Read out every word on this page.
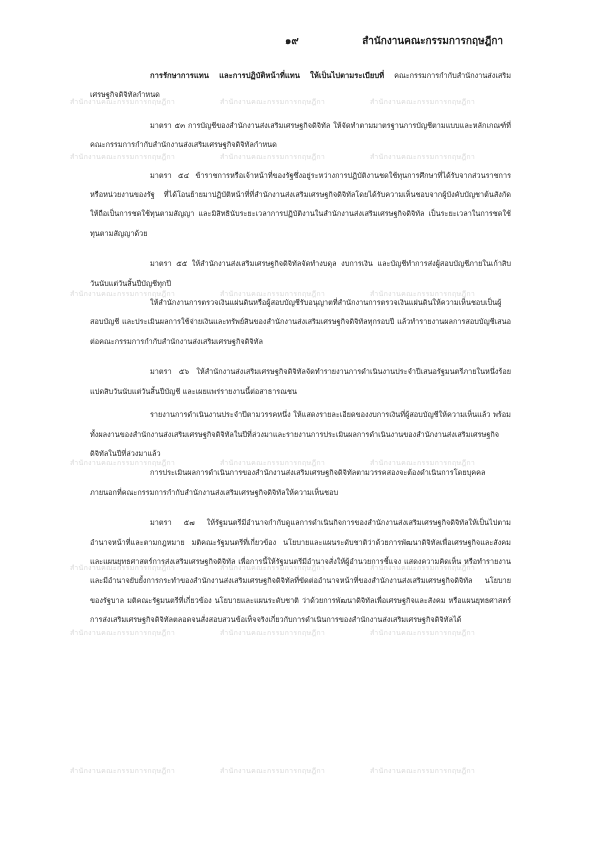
สำนักงานคณะกรรมการกฤษฎีกา	สำนักงานคณะกรรมการกฤษฎีกา	สำนักงานคณะกรรมการกฤษฎีกา
สำนักงานคณะกรรมการกฤษฎีกา	สำนักงานคณะกรรมการกฤษฎีกา	สำนักงานคณะกรรมการกฤษฎีกา
สำนักงานคณะกรรมการกฤษฎีกา	สำนักงานคณะกรรมการกฤษฎีกา	สำนักงานคณะกรรมการกฤษฎีกา
สำนักงานคณะกรรมการกฤษฎีกา	สำนักงานคณะกรรมการกฤษฎีกา	สำนักงานคณะกรรมการกฤษฎีกา
สำนักงานคณะกรรมการกฤษฎีกา	สำนักงานคณะกรรมการกฤษฎีกา	สำนักงานคณะกรรมการกฤษฎีกา
สำนักงานคณะกรรมการกฤษฎีกา	สำนักงานคณะกรรมการกฤษฎีกา	สำนักงานคณะกรรมการกฤษฎีกา
สำนักงานคณะกรรมการกฤษฎีกา	สำนักงานคณะกรรมการกฤษฎีกา	สำนักงานคณะกรรมการกฤษฎีกา
๑๙	สำนักงานคณะกรรมการกฤษฎีกา

การรักษาการแทน และการปฏิบัติหน้าที่แทน ให้เป็นไปตามระเบียบที่ คณะกรรมการกำกับสำนักงานส่งเสริมเศรษฐกิจดิจิทัลกำหนด

มาตรา ๕๓ การบัญชีของสำนักงานส่งเสริมเศรษฐกิจดิจิทัล ให้จัดทำตามมาตรฐานการบัญชีตามแบบและหลักเกณฑ์ที่คณะกรรมการกำกับสำนักงานส่งเสริมเศรษฐกิจดิจิทัลกำหนด

มาตรา ๕๔ ข้าราชการหรือเจ้าหน้าที่ของรัฐซึ่งอยู่ระหว่างการปฏิบัติงานชดใช้ทุนการศึกษาที่ได้รับจากส่วนราชการหรือหน่วยงานของรัฐ ที่ได้โอนย้ายมาปฏิบัติหน้าที่ที่สำนักงานส่งเสริมเศรษฐกิจดิจิทัลโดยได้รับความเห็นชอบจากผู้บังคับบัญชาต้นสังกัด ให้ถือเป็นการชดใช้ทุนตามสัญญา และมิสิทธินับระยะเวลาการปฏิบัติงานในสำนักงานส่งเสริมเศรษฐกิจดิจิทัล เป็นระยะเวลาในการชดใช้ทุนตามสัญญาด้วย

มาตรา ๕๕ ให้สำนักงานส่งเสริมเศรษฐกิจดิจิทัลจัดทำงบดุล งบการเงิน และบัญชีทำการส่งผู้สอบบัญชีภายในเก้าสิบวันนับแต่วันสิ้นปีบัญชีทุกปี

ให้สำนักงานการตรวจเงินแผ่นดินหรือผู้สอบบัญชีรับอนุญาตที่สำนักงานการตรวจเงินแผ่นดินให้ความเห็นชอบเป็นผู้สอบบัญชี และประเมินผลการใช้จ่ายเงินและทรัพย์สินของสำนักงานส่งเสริมเศรษฐกิจดิจิทัลทุกรอบปี แล้วทำรายงานผลการสอบบัญชีเสนอต่อคณะกรรมการกำกับสำนักงานส่งเสริมเศรษฐกิจดิจิทัล

มาตรา ๕๖ ให้สำนักงานส่งเสริมเศรษฐกิจดิจิทัลจัดทำรายงานการดำเนินงานประจำปีเสนอรัฐมนตรีภายในหนึ่งร้อยแปดสิบวันนับแต่วันสิ้นปีบัญชี และเผยแพร่รายงานนี้ต่อสาธารณชน

รายงานการดำเนินงานประจำปีตามวรรคหนึ่ง ให้แสดงรายละเอียดของงบการเงินที่ผู้สอบบัญชีให้ความเห็นแล้ว พร้อมทั้งผลงานของสำนักงานส่งเสริมเศรษฐกิจดิจิทัลในปีที่ล่วงมาและรายงานการประเมินผลการดำเนินงานของสำนักงานส่งเสริมเศรษฐกิจดิจิทัลในปีที่ล่วงมาแล้ว

การประเมินผลการดำเนินการของสำนักงานส่งเสริมเศรษฐกิจดิจิทัลตามวรรคสองจะต้องดำเนินการโดยบุคคลภายนอกที่คณะกรรมการกำกับสำนักงานส่งเสริมเศรษฐกิจดิจิทัลให้ความเห็นชอบ

มาตรา ๕๗ ให้รัฐมนตรีมีอำนาจกำกับดูแลการดำเนินกิจการของสำนักงานส่งเสริมเศรษฐกิจดิจิทัลให้เป็นไปตามอำนาจหน้าที่และตามกฎหมาย มติคณะรัฐมนตรีที่เกี่ยวข้อง นโยบายและแผนระดับชาติว่าด้วยการพัฒนาดิจิทัลเพื่อเศรษฐกิจและสังคม และแผนยุทธศาสตร์การส่งเสริมเศรษฐกิจดิจิทัล เพื่อการนี้ให้รัฐมนตรีมีอำนาจสั่งให้ผู้อำนวยการชี้แจง แสดงความคิดเห็น หรือทำรายงานและมีอำนาจยับยั้งการกระทำของสำนักงานส่งเสริมเศรษฐกิจดิจิทัลที่ขัดต่ออำนาจหน้าที่ของสำนักงานส่งเสริมเศรษฐกิจดิจิทัล นโยบายของรัฐบาล มติคณะรัฐมนตรีที่เกี่ยวข้อง นโยบายและแผนระดับชาติ ว่าด้วยการพัฒนาดิจิทัลเพื่อเศรษฐกิจและสังคม หรือแผนยุทธศาสตร์การส่งเสริมเศรษฐกิจดิจิทัลตลอดจนสั่งสอบสวนข้อเท็จจริงเกี่ยวกับการดำเนินการของสำนักงานส่งเสริมเศรษฐกิจดิจิทัลได้
